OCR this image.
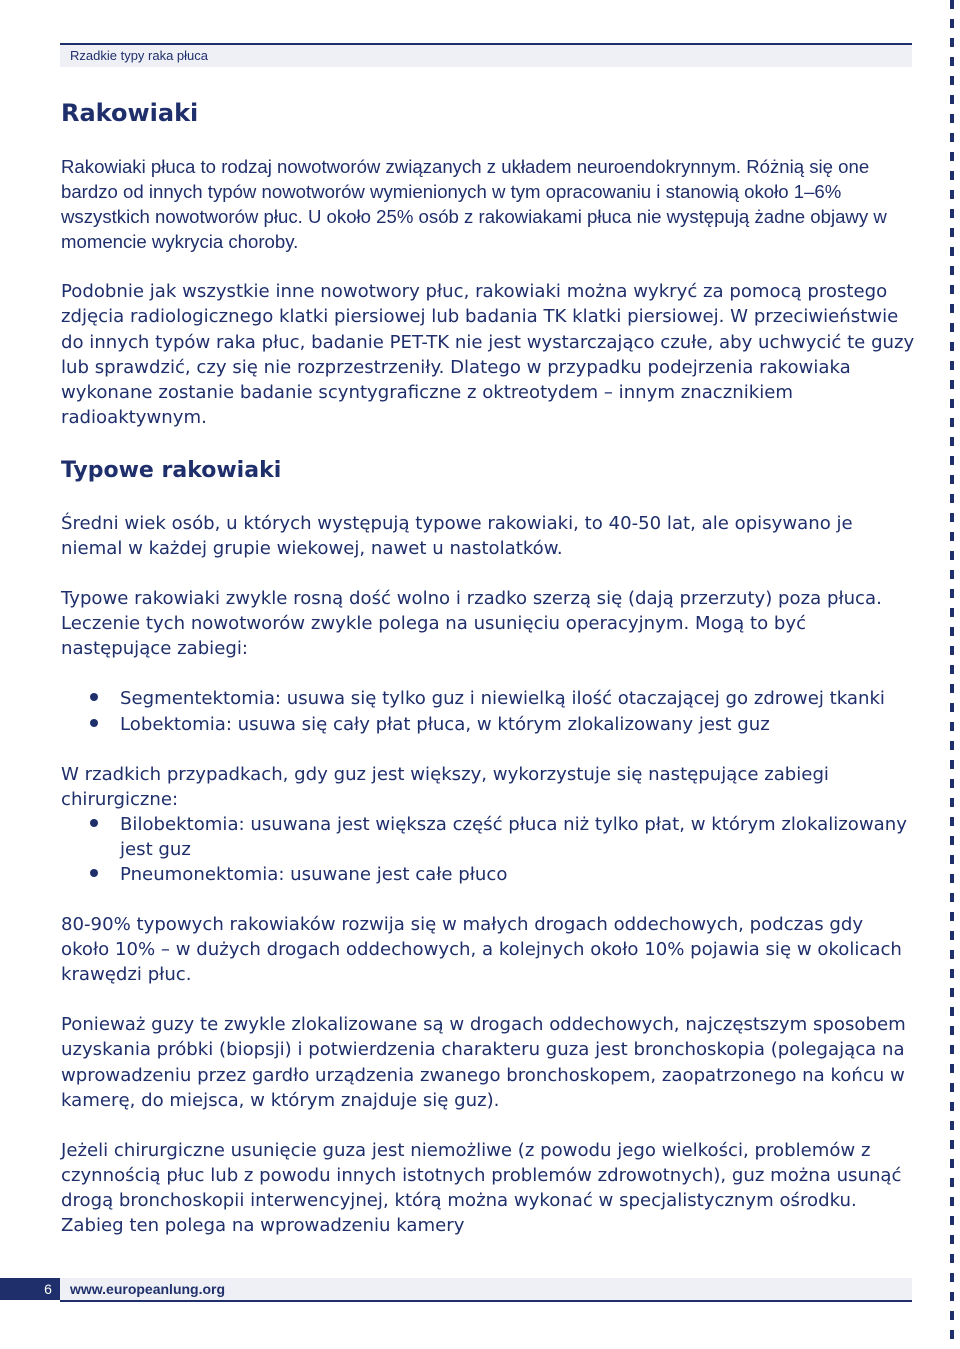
Rzadkie typy raka płuca
Rakowiaki

Rakowiaki płuca to rodzaj nowotworów związanych z układem neuroendokrynnym. Różnią się one bardzo od innych typów nowotworów wymienionych w tym opracowaniu i stanowią około 1–6% wszystkich nowotworów płuc. U około 25% osób z rakowiakami płuca nie występują żadne objawy w momencie wykrycia choroby.

Podobnie jak wszystkie inne nowotwory płuc, rakowiaki można wykryć za pomocą prostego zdjęcia radiologicznego klatki piersiowej lub badania TK klatki piersiowej. W przeciwieństwie do innych typów raka płuc, badanie PET-TK nie jest wystarczająco czułe, aby uchwycić te guzy lub sprawdzić, czy się nie rozprzestrzeniły. Dlatego w przypadku podejrzenia rakowiaka wykonane zostanie badanie scyntygraficzne z oktreotydem – innym znacznikiem radioaktywnym.

Typowe rakowiaki

Średni wiek osób, u których występują typowe rakowiaki, to 40-50 lat, ale opisywano je niemal w każdej grupie wiekowej, nawet u nastolatków.

Typowe rakowiaki zwykle rosną dość wolno i rzadko szerzą się (dają przerzuty) poza płuca. Leczenie tych nowotworów zwykle polega na usunięciu operacyjnym. Mogą to być następujące zabiegi:

Segmentektomia: usuwa się tylko guz i niewielką ilość otaczającej go zdrowej tkanki
Lobektomia: usuwa się cały płat płuca, w którym zlokalizowany jest guz

W rzadkich przypadkach, gdy guz jest większy, wykorzystuje się następujące zabiegi chirurgiczne:

Bilobektomia: usuwana jest większa część płuca niż tylko płat, w którym zlokalizowany jest guz
Pneumonektomia: usuwane jest całe płuco

80-90% typowych rakowiaków rozwija się w małych drogach oddechowych, podczas gdy około 10% – w dużych drogach oddechowych, a kolejnych około 10% pojawia się w okolicach krawędzi płuc.

Ponieważ guzy te zwykle zlokalizowane są w drogach oddechowych, najczęstszym sposobem uzyskania próbki (biopsji) i potwierdzenia charakteru guza jest bronchoskopia (polegająca na wprowadzeniu przez gardło urządzenia zwanego bronchoskopem, zaopatrzonego na końcu w kamerę, do miejsca, w którym znajduje się guz).

Jeżeli chirurgiczne usunięcie guza jest niemożliwe (z powodu jego wielkości, problemów z czynnością płuc lub z powodu innych istotnych problemów zdrowotnych), guz można usunąć drogą bronchoskopii interwencyjnej, którą można wykonać w specjalistycznym ośrodku. Zabieg ten polega na wprowadzeniu kamery

6	www.europeanlung.org
